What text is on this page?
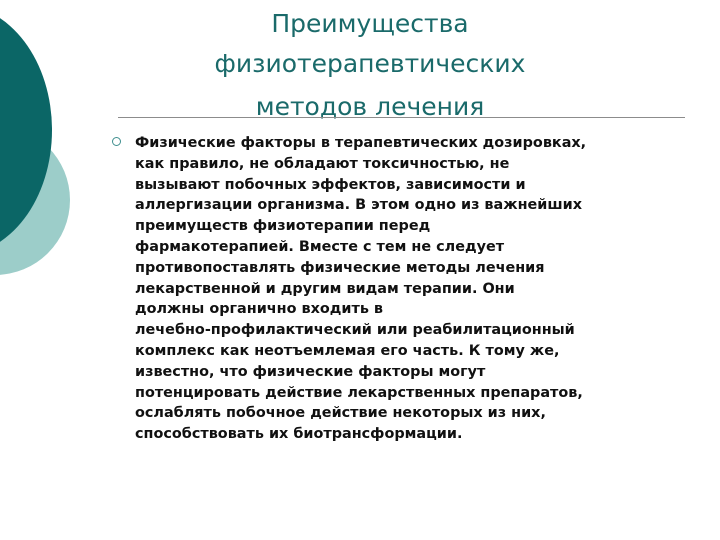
Преимущества
физиотерапевтических
методов лечения
Физические факторы в терапевтических дозировках,
как правило, не обладают токсичностью, не
вызывают побочных эффектов, зависимости и
аллергизации организма. В этом одно из важнейших
преимуществ физиотерапии перед
фармакотерапией. Вместе с тем не следует
противопоставлять физические методы лечения
лекарственной и другим видам терапии. Они
должны органично входить в
лечебно-профилактический или реабилитационный
комплекс как неотъемлемая его часть. К тому же,
известно, что физические факторы могут
потенцировать действие лекарственных препаратов,
ослаблять побочное действие некоторых из них,
способствовать их биотрансформации.
